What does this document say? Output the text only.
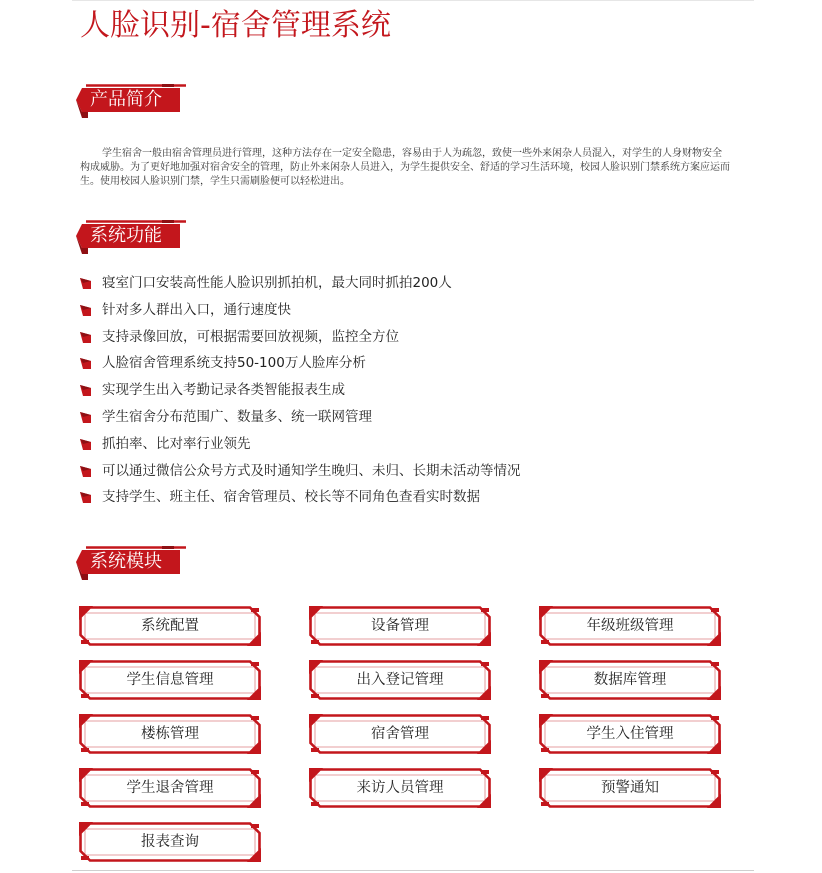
人脸识别-宿舍管理系统
产品简介

学生宿舍一般由宿舍管理员进行管理，这种方法存在一定安全隐患，容易由于人为疏忽，致使一些外来闲杂人员混入，对学生的人身财物安全构成威胁。为了更好地加强对宿舍安全的管理，防止外来闲杂人员进入，为学生提供安全、舒适的学习生活环境，校园人脸识别门禁系统方案应运而生。使用校园人脸识别门禁，学生只需刷脸便可以轻松进出。

系统功能
寝室门口安装高性能人脸识别抓拍机，最大同时抓拍200人
针对多人群出入口，通行速度快
支持录像回放，可根据需要回放视频，监控全方位
人脸宿舍管理系统支持50-100万人脸库分析
实现学生出入考勤记录各类智能报表生成
学生宿舍分布范围广、数量多、统一联网管理
抓拍率、比对率行业领先
可以通过微信公众号方式及时通知学生晚归、未归、长期未活动等情况
支持学生、班主任、宿舍管理员、校长等不同角色查看实时数据
系统模块
系统配置	设备管理	年级班级管理
学生信息管理	出入登记管理	数据库管理
楼栋管理	宿舍管理	学生入住管理
学生退舍管理	来访人员管理	预警通知
报表查询
